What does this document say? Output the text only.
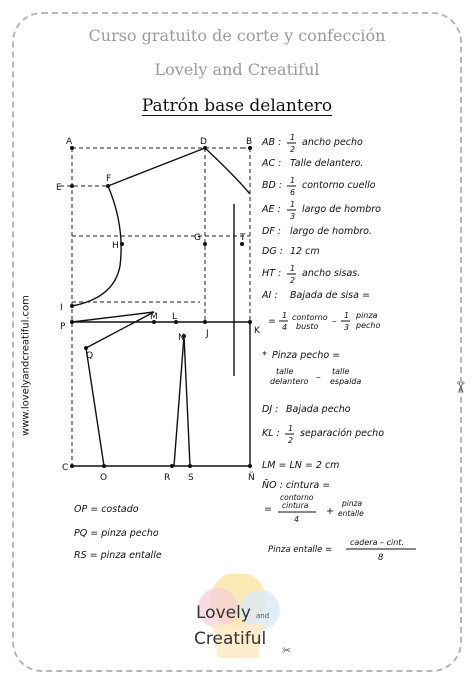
Curso gratuito de corte y confección
Lovely and Creatiful
Patrón base delantero
www.lovelyandcreatiful.com	✂
A	D	B
E
F
H
G	T
I
P
M L
J	K
Q
N
C
O	R S	Ñ
AB : 1
2
ancho pecho
AC : Talle delantero.
BD : 1
6
contorno cuello
AE : 1
3
largo de hombro
DF : largo de hombro.
DG : 12 cm
HT : 1
2
ancho sisas.
AI : Bajada de sisa =
=
1
4
contorno
busto –
1
3
pinza
pecho
* Pinza pecho =
talle
delantero –
talle
espalda
DJ : Bajada pecho
KL : 1
2
separación pecho
LM = LN = 2 cm
ÑO : cintura =
=
contorno
cintura
4
+
pinza
entalle
Pinza entalle =
cadera – cint.
8
OP = costado
PQ = pinza pecho
RS = pinza entalle
Lovely and
Creatiful
✂
